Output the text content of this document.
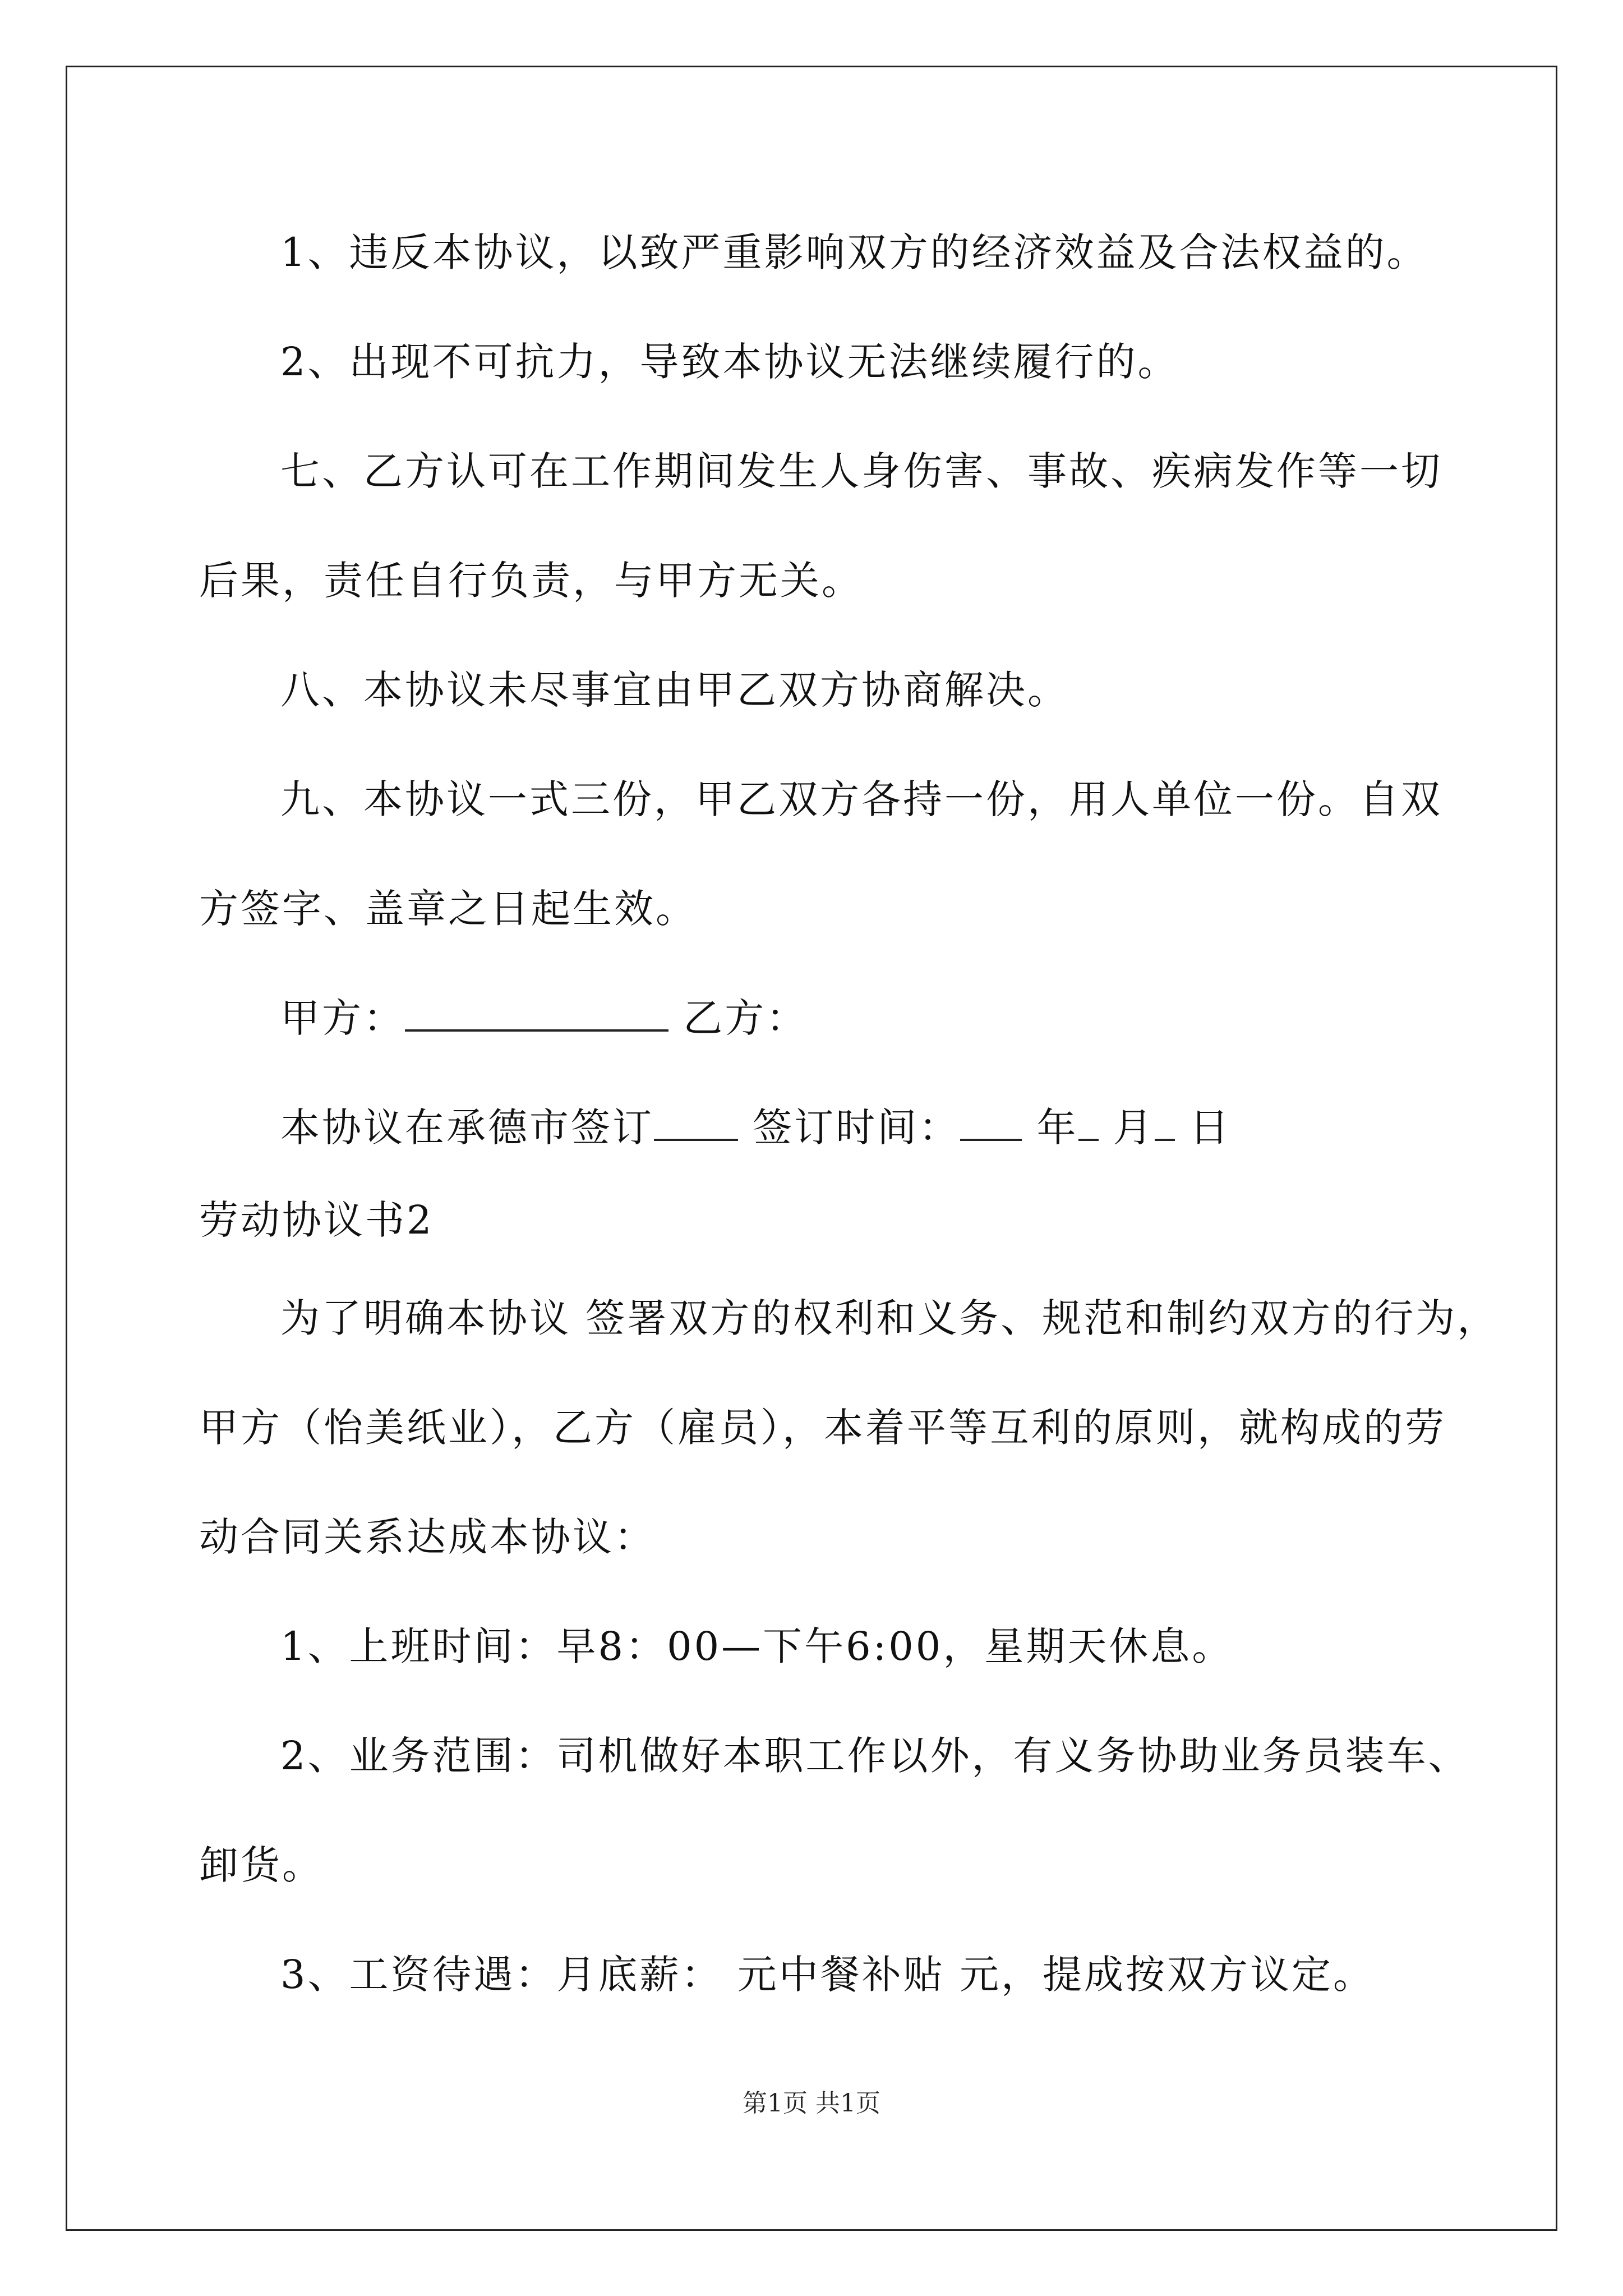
1、违反本协议，以致严重影响双方的经济效益及合法权益的。
2、出现不可抗力，导致本协议无法继续履行的。
七、乙方认可在工作期间发生人身伤害、事故、疾病发作等一切
后果，责任自行负责，与甲方无关。
八、本协议未尽事宜由甲乙双方协商解决。
九、本协议一式三份，甲乙双方各持一份，用人单位一份。自双
方签字、盖章之日起生效。
甲方：	乙方：
本协议在承德市签订	签订时间： 年 月 日
劳动协议书2
为了明确本协议 签署双方的权利和义务、规范和制约双方的行为，
甲方（怡美纸业），乙方（雇员），本着平等互利的原则，就构成的劳
动合同关系达成本协议：
1、上班时间：早8：00—下午6:00，星期天休息。
2、业务范围：司机做好本职工作以外，有义务协助业务员装车、
卸货。
3、工资待遇：月底薪： 元中餐补贴 元，提成按双方议定。
第1页 共1页
